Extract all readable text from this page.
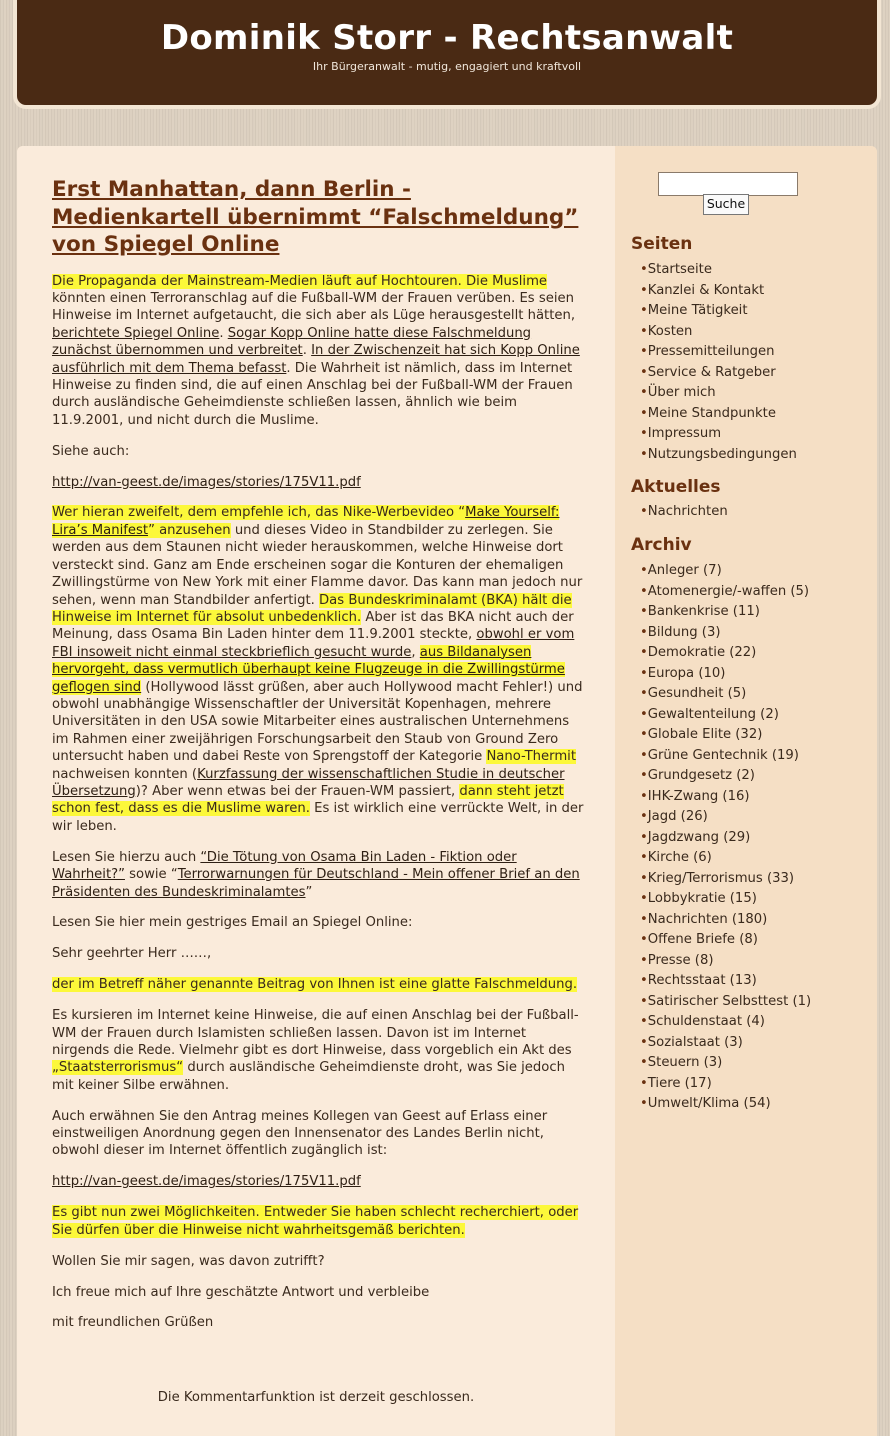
Dominik Storr - Rechtsanwalt
Ihr Bürgeranwalt - mutig, engagiert und kraftvoll
Erst Manhattan, dann Berlin - Medienkartell übernimmt “Falschmeldung” von Spiegel Online

Die Propaganda der Mainstream-Medien läuft auf Hochtouren. Die Muslime könnten einen Terroranschlag auf die Fußball-WM der Frauen verüben. Es seien Hinweise im Internet aufgetaucht, die sich aber als Lüge herausgestellt hätten, berichtete Spiegel Online. Sogar Kopp Online hatte diese Falschmeldung zunächst übernommen und verbreitet. In der Zwischenzeit hat sich Kopp Online ausführlich mit dem Thema befasst. Die Wahrheit ist nämlich, dass im Internet Hinweise zu finden sind, die auf einen Anschlag bei der Fußball-WM der Frauen durch ausländische Geheimdienste schließen lassen, ähnlich wie beim 11.9.2001, und nicht durch die Muslime.

Siehe auch:

http://van-geest.de/images/stories/175V11.pdf

Wer hieran zweifelt, dem empfehle ich, das Nike-Werbevideo “Make Yourself: Lira’s Manifest” anzusehen und dieses Video in Standbilder zu zerlegen. Sie werden aus dem Staunen nicht wieder herauskommen, welche Hinweise dort versteckt sind. Ganz am Ende erscheinen sogar die Konturen der ehemaligen Zwillingstürme von New York mit einer Flamme davor. Das kann man jedoch nur sehen, wenn man Standbilder anfertigt. Das Bundeskriminalamt (BKA) hält die Hinweise im Internet für absolut unbedenklich. Aber ist das BKA nicht auch der Meinung, dass Osama Bin Laden hinter dem 11.9.2001 steckte, obwohl er vom FBI insoweit nicht einmal steckbrieflich gesucht wurde, aus Bildanalysen hervorgeht, dass vermutlich überhaupt keine Flugzeuge in die Zwillingstürme geflogen sind (Hollywood lässt grüßen, aber auch Hollywood macht Fehler!) und obwohl unabhängige Wissenschaftler der Universität Kopenhagen, mehrere Universitäten in den USA sowie Mitarbeiter eines australischen Unternehmens im Rahmen einer zweijährigen Forschungsarbeit den Staub von Ground Zero untersucht haben und dabei Reste von Sprengstoff der Kategorie Nano-Thermit nachweisen konnten (Kurzfassung der wissenschaftlichen Studie in deutscher Übersetzung)? Aber wenn etwas bei der Frauen-WM passiert, dann steht jetzt schon fest, dass es die Muslime waren. Es ist wirklich eine verrückte Welt, in der wir leben.

Lesen Sie hierzu auch “Die Tötung von Osama Bin Laden - Fiktion oder Wahrheit?” sowie “Terrorwarnungen für Deutschland - Mein offener Brief an den Präsidenten des Bundeskriminalamtes”

Lesen Sie hier mein gestriges Email an Spiegel Online:

Sehr geehrter Herr ……,

der im Betreff näher genannte Beitrag von Ihnen ist eine glatte Falschmeldung.

Es kursieren im Internet keine Hinweise, die auf einen Anschlag bei der Fußball-WM der Frauen durch Islamisten schließen lassen. Davon ist im Internet nirgends die Rede. Vielmehr gibt es dort Hinweise, dass vorgeblich ein Akt des „Staatsterrorismus“ durch ausländische Geheimdienste droht, was Sie jedoch mit keiner Silbe erwähnen.

Auch erwähnen Sie den Antrag meines Kollegen van Geest auf Erlass einer einstweiligen Anordnung gegen den Innensenator des Landes Berlin nicht, obwohl dieser im Internet öffentlich zugänglich ist:

http://van-geest.de/images/stories/175V11.pdf

Es gibt nun zwei Möglichkeiten. Entweder Sie haben schlecht recherchiert, oder Sie dürfen über die Hinweise nicht wahrheitsgemäß berichten.

Wollen Sie mir sagen, was davon zutrifft?

Ich freue mich auf Ihre geschätzte Antwort und verbleibe

mit freundlichen Grüßen

Die Kommentarfunktion ist derzeit geschlossen.
Suche
Seiten
• Startseite
• Kanzlei & Kontakt
• Meine Tätigkeit
• Kosten
• Pressemitteilungen
• Service & Ratgeber
• Über mich
• Meine Standpunkte
• Impressum
• Nutzungsbedingungen
Aktuelles
• Nachrichten
Archiv
• Anleger (7)
• Atomenergie/-waffen (5)
• Bankenkrise (11)
• Bildung (3)
• Demokratie (22)
• Europa (10)
• Gesundheit (5)
• Gewaltenteilung (2)
• Globale Elite (32)
• Grüne Gentechnik (19)
• Grundgesetz (2)
• IHK-Zwang (16)
• Jagd (26)
• Jagdzwang (29)
• Kirche (6)
• Krieg/Terrorismus (33)
• Lobbykratie (15)
• Nachrichten (180)
• Offene Briefe (8)
• Presse (8)
• Rechtsstaat (13)
• Satirischer Selbsttest (1)
• Schuldenstaat (4)
• Sozialstaat (3)
• Steuern (3)
• Tiere (17)
• Umwelt/Klima (54)
